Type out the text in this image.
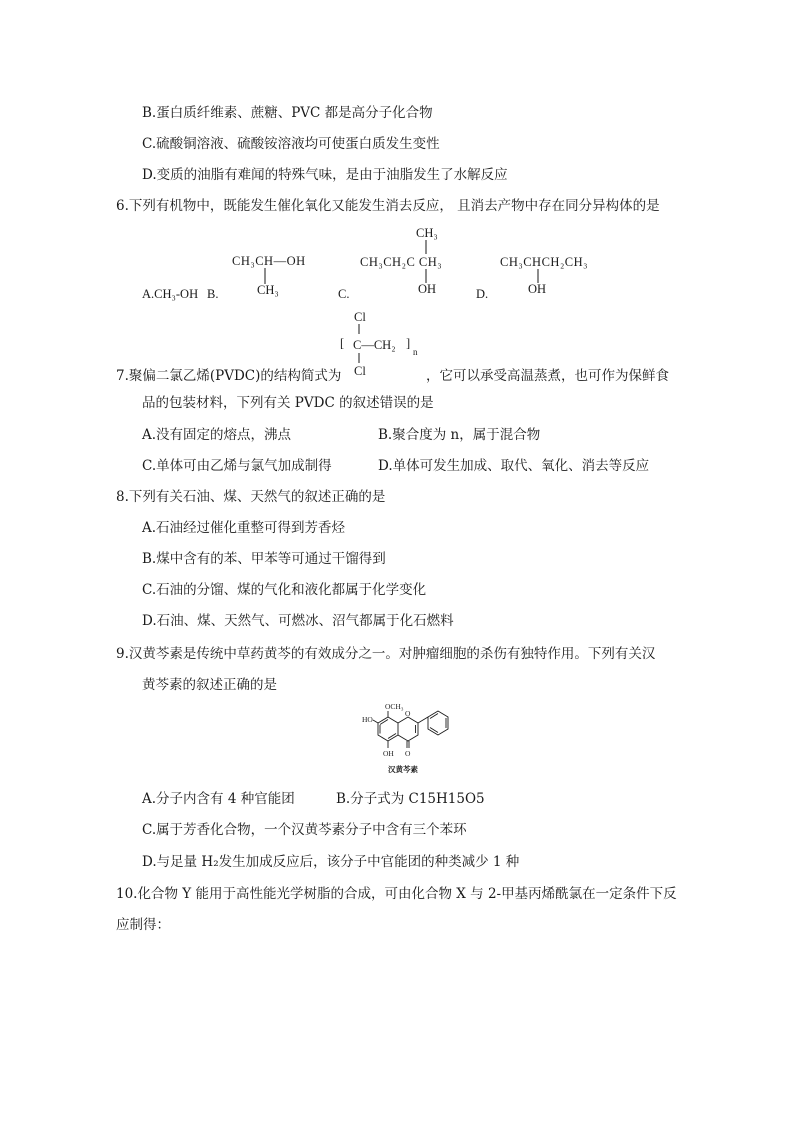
B.蛋白质纤维素、蔗糖、PVC 都是高分子化合物
C.硫酸铜溶液、硫酸铵溶液均可使蛋白质发生变性
D.变质的油脂有难闻的特殊气味，是由于油脂发生了水解反应
6.下列有机物中，既能发生催化氧化又能发生消去反应， 且消去产物中存在同分异构体的是
A.CH₃-OH B.
CH₃CH—OH
CH₃	C.
CH₃
CH₃CH₂C CH₃
OH	D.
CH₃CHCH₂CH₃
OH
Cl
[ C—CH₂ ]
n
Cl
7.聚偏二氯乙烯(PVDC)的结构简式为	，它可以承受高温蒸煮，也可作为保鲜食
品的包装材料，下列有关 PVDC 的叙述错误的是
A.没有固定的熔点，沸点	B.聚合度为 n，属于混合物
C.单体可由乙烯与氯气加成制得	D.单体可发生加成、取代、氧化、消去等反应
8.下列有关石油、煤、天然气的叙述正确的是
A.石油经过催化重整可得到芳香烃
B.煤中含有的苯、甲苯等可通过干馏得到
C.石油的分馏、煤的气化和液化都属于化学变化
D.石油、煤、天然气、可燃冰、沼气都属于化石燃料
9.汉黄芩素是传统中草药黄芩的有效成分之一。对肿瘤细胞的杀伤有独特作用。下列有关汉
黄芩素的叙述正确的是
OCH₃
HO
O
OH O
汉黄芩素
A.分子内含有 4 种官能团	B.分子式为 C15H15O5
C.属于芳香化合物，一个汉黄芩素分子中含有三个苯环
D.与足量 H₂发生加成反应后，该分子中官能团的种类减少 1 种
10.化合物 Y 能用于高性能光学树脂的合成，可由化合物 X 与 2-甲基丙烯酰氯在一定条件下反
应制得：
